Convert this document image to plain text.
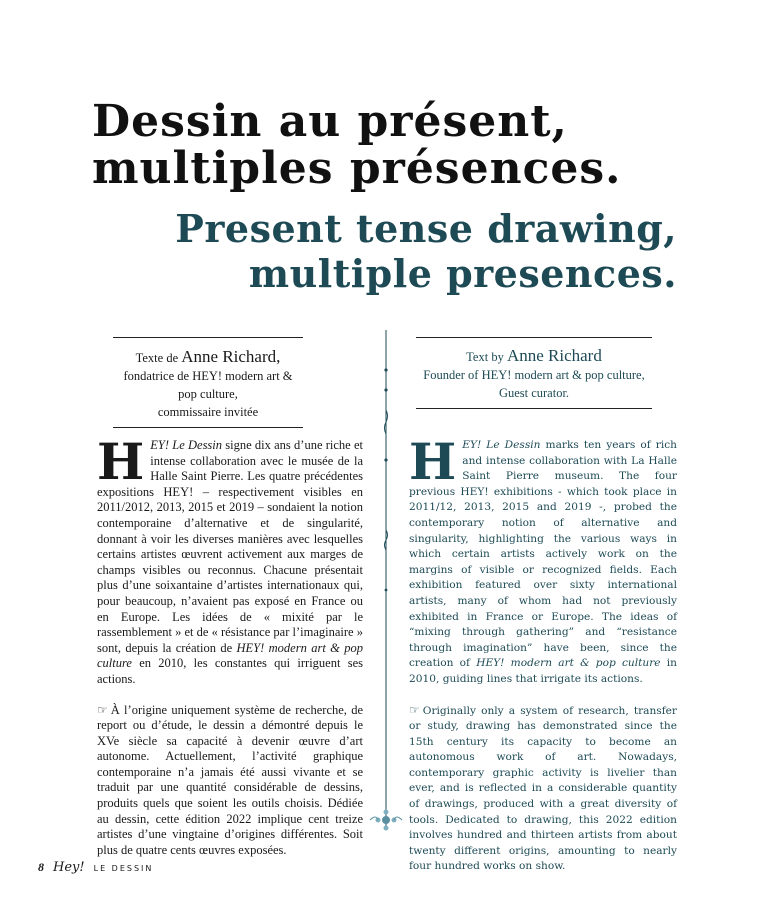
Dessin au présent,
multiples présences.
Present tense drawing,
multiple presences.

Texte de Anne Richard,

fondatrice de HEY! modern art & pop culture,

commissaire invitée

Text by Anne Richard

Founder of HEY! modern art & pop culture,

Guest curator.

HEY! Le Dessin signe dix ans d’une riche et intense collaboration avec le musée de la Halle Saint Pierre. Les quatre précédentes expositions HEY! – respectivement visibles en 2011/2012, 2013, 2015 et 2019 – sondaient la notion contemporaine d’alternative et de singularité, donnant à voir les diverses manières avec lesquelles certains artistes œuvrent activement aux marges de champs visibles ou reconnus. Chacune présentait plus d’une soixantaine d’artistes internationaux qui, pour beaucoup, n’avaient pas exposé en France ou en Europe. Les idées de « mixité par le rassemblement » et de « résistance par l’imaginaire » sont, depuis la création de HEY! modern art & pop culture en 2010, les constantes qui irriguent ses actions.

☞ À l’origine uniquement système de recherche, de report ou d’étude, le dessin a démontré depuis le XVe siècle sa capacité à devenir œuvre d’art autonome. Actuellement, l’activité graphique contemporaine n’a jamais été aussi vivante et se traduit par une quantité considérable de dessins, produits quels que soient les outils choisis. Dédiée au dessin, cette édition 2022 implique cent treize artistes d’une vingtaine d’origines différentes. Soit plus de quatre cents œuvres exposées.

HEY! Le Dessin marks ten years of rich and intense collaboration with La Halle Saint Pierre museum. The four previous HEY! exhibitions - which took place in 2011/12, 2013, 2015 and 2019 -, probed the contemporary notion of alternative and singularity, highlighting the various ways in which certain artists actively work on the margins of visible or recognized fields. Each exhibition featured over sixty international artists, many of whom had not previously exhibited in France or Europe. The ideas of “mixing through gathering” and “resistance through imagination” have been, since the creation of HEY! modern art & pop culture in 2010, guiding lines that irrigate its actions.

☞ Originally only a system of research, transfer or study, drawing has demonstrated since the 15th century its capacity to become an autonomous work of art. Nowadays, contemporary graphic activity is livelier than ever, and is reflected in a considerable quantity of drawings, produced with a great diversity of tools. Dedicated to drawing, this 2022 edition involves hundred and thirteen artists from about twenty different origins, amounting to nearly four hundred works on show.

8 Hey! LE DESSIN
